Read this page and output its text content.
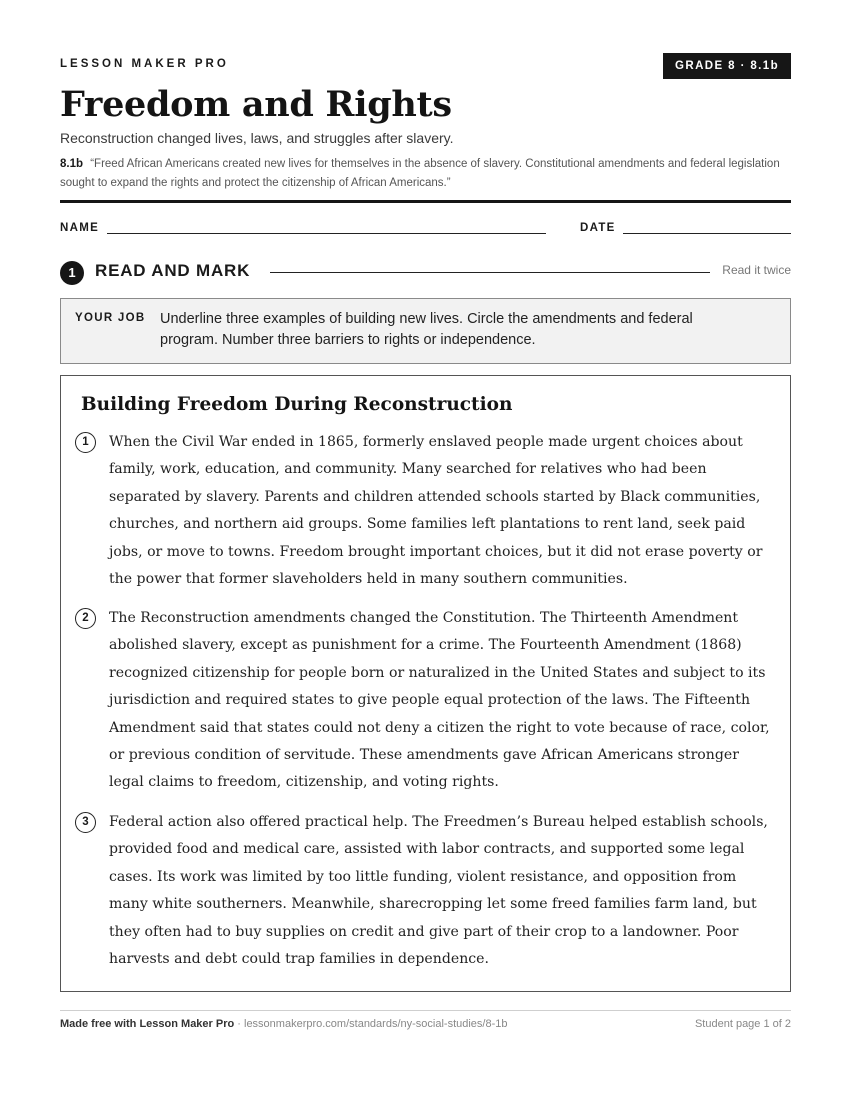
LESSON MAKER PRO	GRADE 8 · 8.1b
Freedom and Rights
Reconstruction changed lives, laws, and struggles after slavery.
8.1b “Freed African Americans created new lives for themselves in the absence of slavery. Constitutional amendments and federal legislation sought to expand the rights and protect the citizenship of African Americans.”
NAME	DATE
1	READ AND MARK	Read it twice
YOUR JOB Underline three examples of building new lives. Circle the amendments and federal program. Number three barriers to rights or independence.
Building Freedom During Reconstruction
1	When the Civil War ended in 1865, formerly enslaved people made urgent choices about family, work, education, and community. Many searched for relatives who had been separated by slavery. Parents and children attended schools started by Black communities, churches, and northern aid groups. Some families left plantations to rent land, seek paid jobs, or move to towns. Freedom brought important choices, but it did not erase poverty or the power that former slaveholders held in many southern communities.
2	The Reconstruction amendments changed the Constitution. The Thirteenth Amendment abolished slavery, except as punishment for a crime. The Fourteenth Amendment (1868) recognized citizenship for people born or naturalized in the United States and subject to its jurisdiction and required states to give people equal protection of the laws. The Fifteenth Amendment said that states could not deny a citizen the right to vote because of race, color, or previous condition of servitude. These amendments gave African Americans stronger legal claims to freedom, citizenship, and voting rights.
3	Federal action also offered practical help. The Freedmen’s Bureau helped establish schools, provided food and medical care, assisted with labor contracts, and supported some legal cases. Its work was limited by too little funding, violent resistance, and opposition from many white southerners. Meanwhile, sharecropping let some freed families farm land, but they often had to buy supplies on credit and give part of their crop to a landowner. Poor harvests and debt could trap families in dependence.
Made free with Lesson Maker Pro · lessonmakerpro.com/standards/ny-social-studies/8-1b	Student page 1 of 2
